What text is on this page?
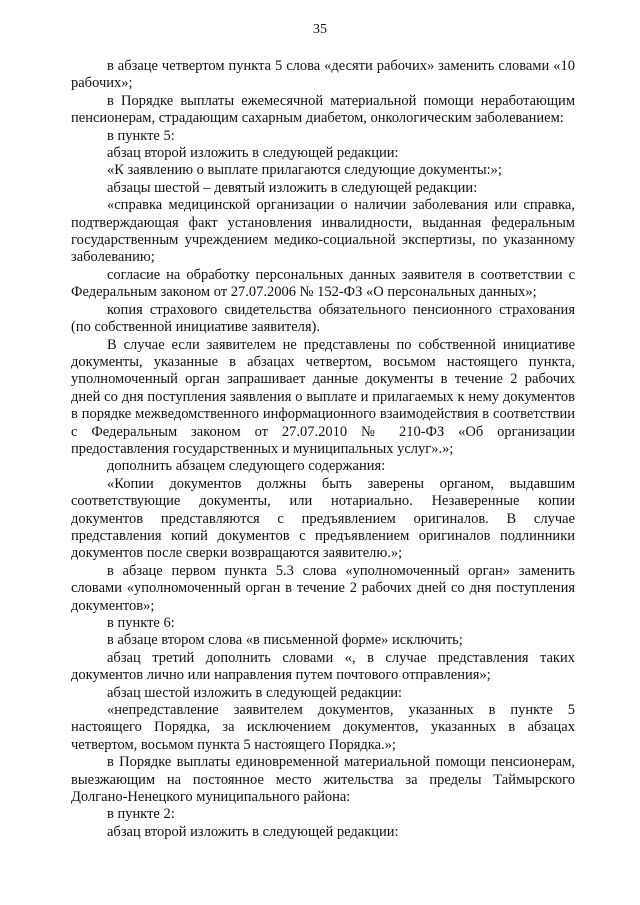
35

в абзаце четвертом пункта 5 слова «десяти рабочих» заменить словами «10 рабочих»;

в Порядке выплаты ежемесячной материальной помощи неработающим пенсионерам, страдающим сахарным диабетом, онкологическим заболеванием:

в пункте 5:

абзац второй изложить в следующей редакции:

«К заявлению о выплате прилагаются следующие документы:»;

абзацы шестой – девятый изложить в следующей редакции:

«справка медицинской организации о наличии заболевания или справка, подтверждающая факт установления инвалидности, выданная федеральным государственным учреждением медико-социальной экспертизы, по указанному заболеванию;

согласие на обработку персональных данных заявителя в соответствии с Федеральным законом от 27.07.2006 № 152-ФЗ «О персональных данных»;

копия страхового свидетельства обязательного пенсионного страхования (по собственной инициативе заявителя).

В случае если заявителем не представлены по собственной инициативе документы, указанные в абзацах четвертом, восьмом настоящего пункта, уполномоченный орган запрашивает данные документы в течение 2 рабочих дней со дня поступления заявления о выплате и прилагаемых к нему документов в порядке межведомственного информационного взаимодействия в соответствии с Федеральным законом от 27.07.2010 № 210-ФЗ «Об организации предоставления государственных и муниципальных услуг».»;

дополнить абзацем следующего содержания:

«Копии документов должны быть заверены органом, выдавшим соответствующие документы, или нотариально. Незаверенные копии документов представляются с предъявлением оригиналов. В случае представления копий документов с предъявлением оригиналов подлинники документов после сверки возвращаются заявителю.»;

в абзаце первом пункта 5.3 слова «уполномоченный орган» заменить словами «уполномоченный орган в течение 2 рабочих дней со дня поступления документов»;

в пункте 6:

в абзаце втором слова «в письменной форме» исключить;

абзац третий дополнить словами «, в случае представления таких документов лично или направления путем почтового отправления»;

абзац шестой изложить в следующей редакции:

«непредставление заявителем документов, указанных в пункте 5 настоящего Порядка, за исключением документов, указанных в абзацах четвертом, восьмом пункта 5 настоящего Порядка.»;

в Порядке выплаты единовременной материальной помощи пенсионерам, выезжающим на постоянное место жительства за пределы Таймырского Долгано-Ненецкого муниципального района:

в пункте 2:

абзац второй изложить в следующей редакции:
